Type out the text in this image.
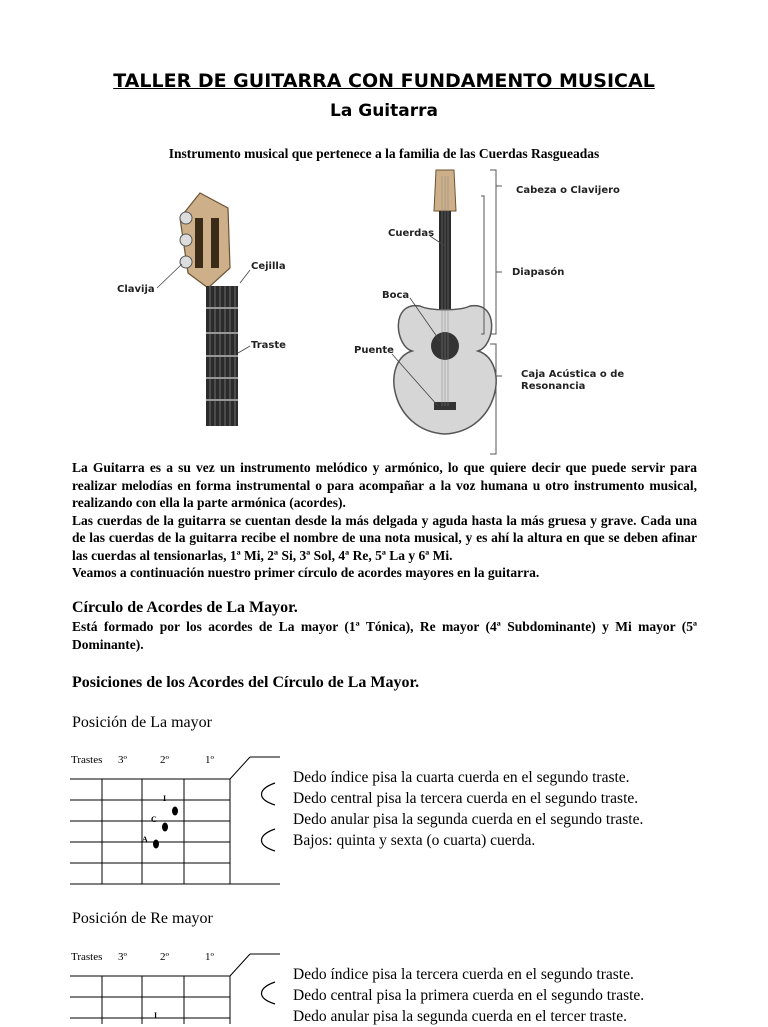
TALLER DE GUITARRA CON FUNDAMENTO MUSICAL
La Guitarra
Instrumento musical que pertenece a la familia de las Cuerdas Rasgueadas
Cejilla
Clavija
Traste
Cuerdas
Boca
Puente
Cabeza o Clavijero
Diapasón
Caja Acústica o de
Resonancia

La Guitarra es a su vez un instrumento melódico y armónico, lo que quiere decir que puede servir para realizar melodías en forma instrumental o para acompañar a la voz humana u otro instrumento musical, realizando con ella la parte armónica (acordes).

Las cuerdas de la guitarra se cuentan desde la más delgada y aguda hasta la más gruesa y grave. Cada una de las cuerdas de la guitarra recibe el nombre de una nota musical, y es ahí la altura en que se deben afinar las cuerdas al tensionarlas, 1ª Mi, 2ª Si, 3ª Sol, 4ª Re, 5ª La y 6ª Mi.

Veamos a continuación nuestro primer círculo de acordes mayores en la guitarra.

Círculo de Acordes de La Mayor.
Está formado por los acordes de La mayor (1ª Tónica), Re mayor (4ª Subdominante) y Mi mayor (5ª Dominante).
Posiciones de los Acordes del Círculo de La Mayor.
Posición de La mayor
Trastes 3º	2º	1º
I
C
A
Dedo índice pisa la cuarta cuerda en el segundo traste.
Dedo central pisa la tercera cuerda en el segundo traste.
Dedo anular pisa la segunda cuerda en el segundo traste.
Bajos: quinta y sexta (o cuarta) cuerda.
Posición de Re mayor
Trastes 3º	2º	1º
I
Dedo índice pisa la tercera cuerda en el segundo traste.
Dedo central pisa la primera cuerda en el segundo traste.
Dedo anular pisa la segunda cuerda en el tercer traste.
